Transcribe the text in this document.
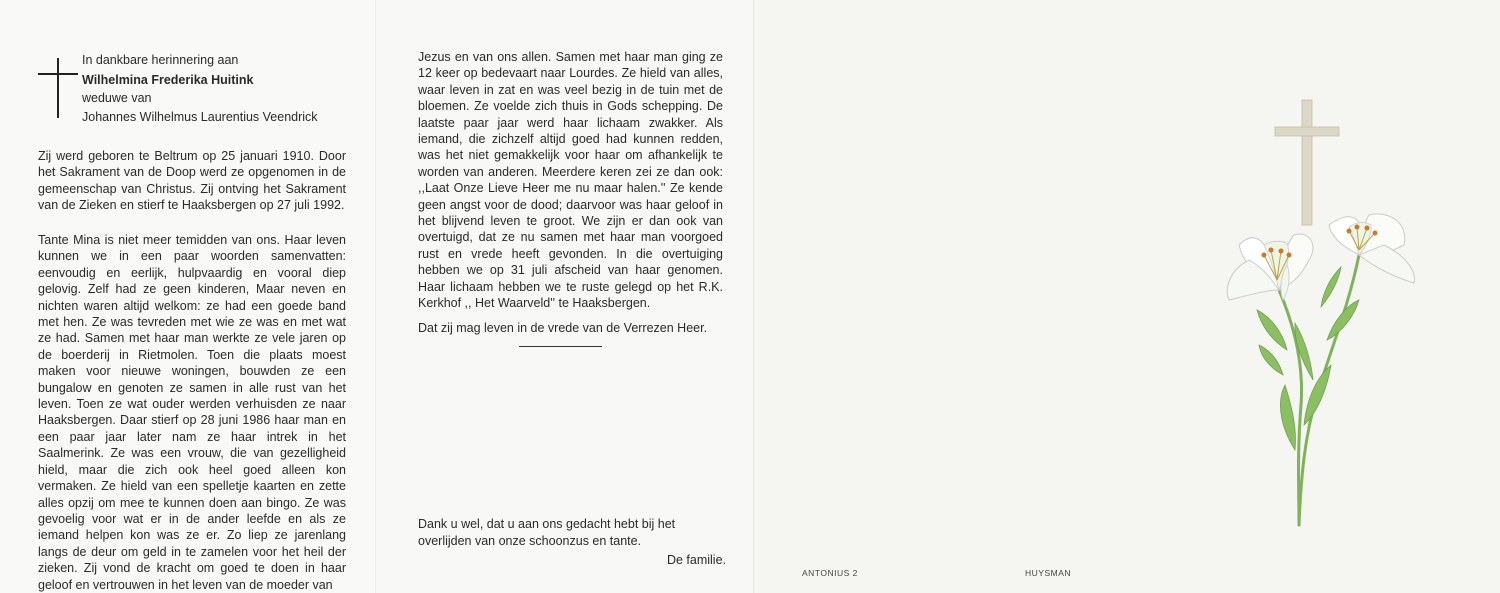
In dankbare herinnering aan
Wilhelmina Frederika Huitink
weduwe van
Johannes Wilhelmus Laurentius Veendrick
Zij werd geboren te Beltrum op 25 januari 1910. Door het Sakrament van de Doop werd ze opgenomen in de gemeenschap van Christus. Zij ontving het Sakrament van de Zieken en stierf te Haaksbergen op 27 juli 1992.
Tante Mina is niet meer temidden van ons. Haar leven kunnen we in een paar woorden samenvatten: eenvoudig en eerlijk, hulpvaardig en vooral diep gelovig. Zelf had ze geen kinderen, Maar neven en nichten waren altijd welkom: ze had een goede band met hen. Ze was tevreden met wie ze was en met wat ze had. Samen met haar man werkte ze vele jaren op de boerderij in Rietmolen. Toen die plaats moest maken voor nieuwe woningen, bouwden ze een bungalow en genoten ze samen in alle rust van het leven. Toen ze wat ouder werden verhuisden ze naar Haaksbergen. Daar stierf op 28 juni 1986 haar man en een paar jaar later nam ze haar intrek in het Saalmerink. Ze was een vrouw, die van gezelligheid hield, maar die zich ook heel goed alleen kon vermaken. Ze hield van een spelletje kaarten en zette alles opzij om mee te kunnen doen aan bingo. Ze was gevoelig voor wat er in de ander leefde en als ze iemand helpen kon was ze er. Zo liep ze jarenlang langs de deur om geld in te zamelen voor het heil der zieken. Zij vond de kracht om goed te doen in haar geloof en vertrouwen in het leven van de moeder van
Jezus en van ons allen. Samen met haar man ging ze 12 keer op bedevaart naar Lourdes. Ze hield van alles, waar leven in zat en was veel bezig in de tuin met de bloemen. Ze voelde zich thuis in Gods schepping. De laatste paar jaar werd haar lichaam zwakker. Als iemand, die zichzelf altijd goed had kunnen redden, was het niet gemakkelijk voor haar om afhankelijk te worden van anderen. Meerdere keren zei ze dan ook: ,,Laat Onze Lieve Heer me nu maar halen.'' Ze kende geen angst voor de dood; daarvoor was haar geloof in het blijvend leven te groot. We zijn er dan ook van overtuigd, dat ze nu samen met haar man voorgoed rust en vrede heeft gevonden. In die overtuiging hebben we op 31 juli afscheid van haar genomen. Haar lichaam hebben we te ruste gelegd op het R.K. Kerkhof ,, Het Waarveld'' te Haaksbergen.
Dat zij mag leven in de vrede van de Verrezen Heer.
Dank u wel, dat u aan ons gedacht hebt bij het overlijden van onze schoonzus en tante.
De familie.
ANTONIUS 2	HUYSMAN
